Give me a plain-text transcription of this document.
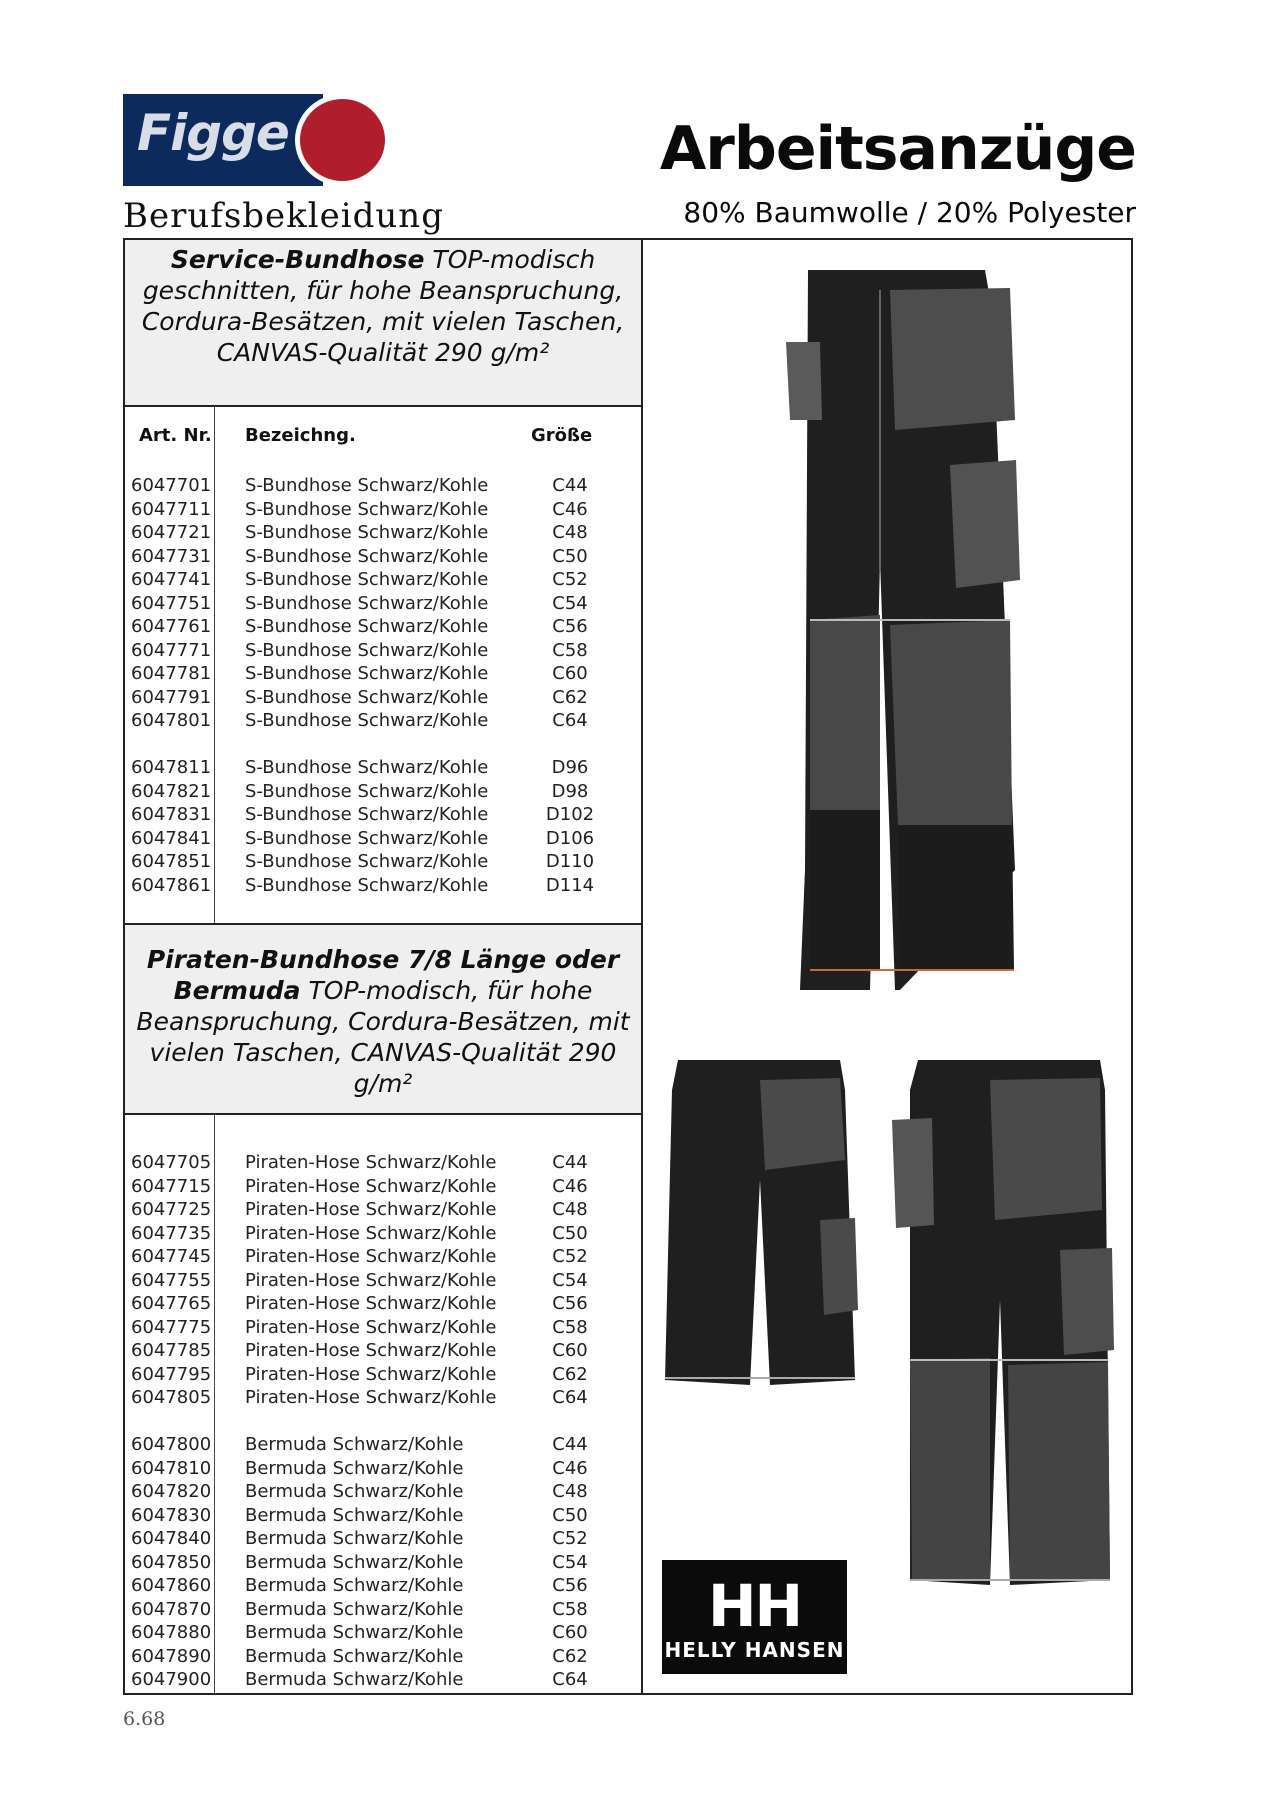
Figge
Berufsbekleidung
Arbeitsanzüge
80% Baumwolle / 20% Polyester
Service-Bundhose TOP-modisch geschnitten, für hohe Beanspruchung, Cordura-Besätzen, mit vielen Taschen, CANVAS-Qualität 290 g/m²
Art. Nr. Bezeichng.	Größe
6047701 S-Bundhose Schwarz/Kohle	C44
6047711 S-Bundhose Schwarz/Kohle	C46
6047721 S-Bundhose Schwarz/Kohle	C48
6047731 S-Bundhose Schwarz/Kohle	C50
6047741 S-Bundhose Schwarz/Kohle	C52
6047751 S-Bundhose Schwarz/Kohle	C54
6047761 S-Bundhose Schwarz/Kohle	C56
6047771 S-Bundhose Schwarz/Kohle	C58
6047781 S-Bundhose Schwarz/Kohle	C60
6047791 S-Bundhose Schwarz/Kohle	C62
6047801 S-Bundhose Schwarz/Kohle	C64
6047811 S-Bundhose Schwarz/Kohle	D96
6047821 S-Bundhose Schwarz/Kohle	D98
6047831 S-Bundhose Schwarz/Kohle	D102
6047841 S-Bundhose Schwarz/Kohle	D106
6047851 S-Bundhose Schwarz/Kohle	D110
6047861 S-Bundhose Schwarz/Kohle	D114
Piraten-Bundhose 7/8 Länge oder Bermuda TOP-modisch, für hohe Beanspruchung, Cordura-Besätzen, mit vielen Taschen, CANVAS-Qualität 290 g/m²
6047705 Piraten-Hose Schwarz/Kohle	C44
6047715 Piraten-Hose Schwarz/Kohle	C46
6047725 Piraten-Hose Schwarz/Kohle	C48
6047735 Piraten-Hose Schwarz/Kohle	C50
6047745 Piraten-Hose Schwarz/Kohle	C52
6047755 Piraten-Hose Schwarz/Kohle	C54
6047765 Piraten-Hose Schwarz/Kohle	C56
6047775 Piraten-Hose Schwarz/Kohle	C58
6047785 Piraten-Hose Schwarz/Kohle	C60
6047795 Piraten-Hose Schwarz/Kohle	C62
6047805 Piraten-Hose Schwarz/Kohle	C64
6047800 Bermuda Schwarz/Kohle	C44
6047810 Bermuda Schwarz/Kohle	C46
6047820 Bermuda Schwarz/Kohle	C48
6047830 Bermuda Schwarz/Kohle	C50
6047840 Bermuda Schwarz/Kohle	C52
6047850 Bermuda Schwarz/Kohle	C54
6047860 Bermuda Schwarz/Kohle	C56
6047870 Bermuda Schwarz/Kohle	C58
6047880 Bermuda Schwarz/Kohle	C60
6047890 Bermuda Schwarz/Kohle	C62
6047900 Bermuda Schwarz/Kohle	C64
HH
HELLY HANSEN
6.68
